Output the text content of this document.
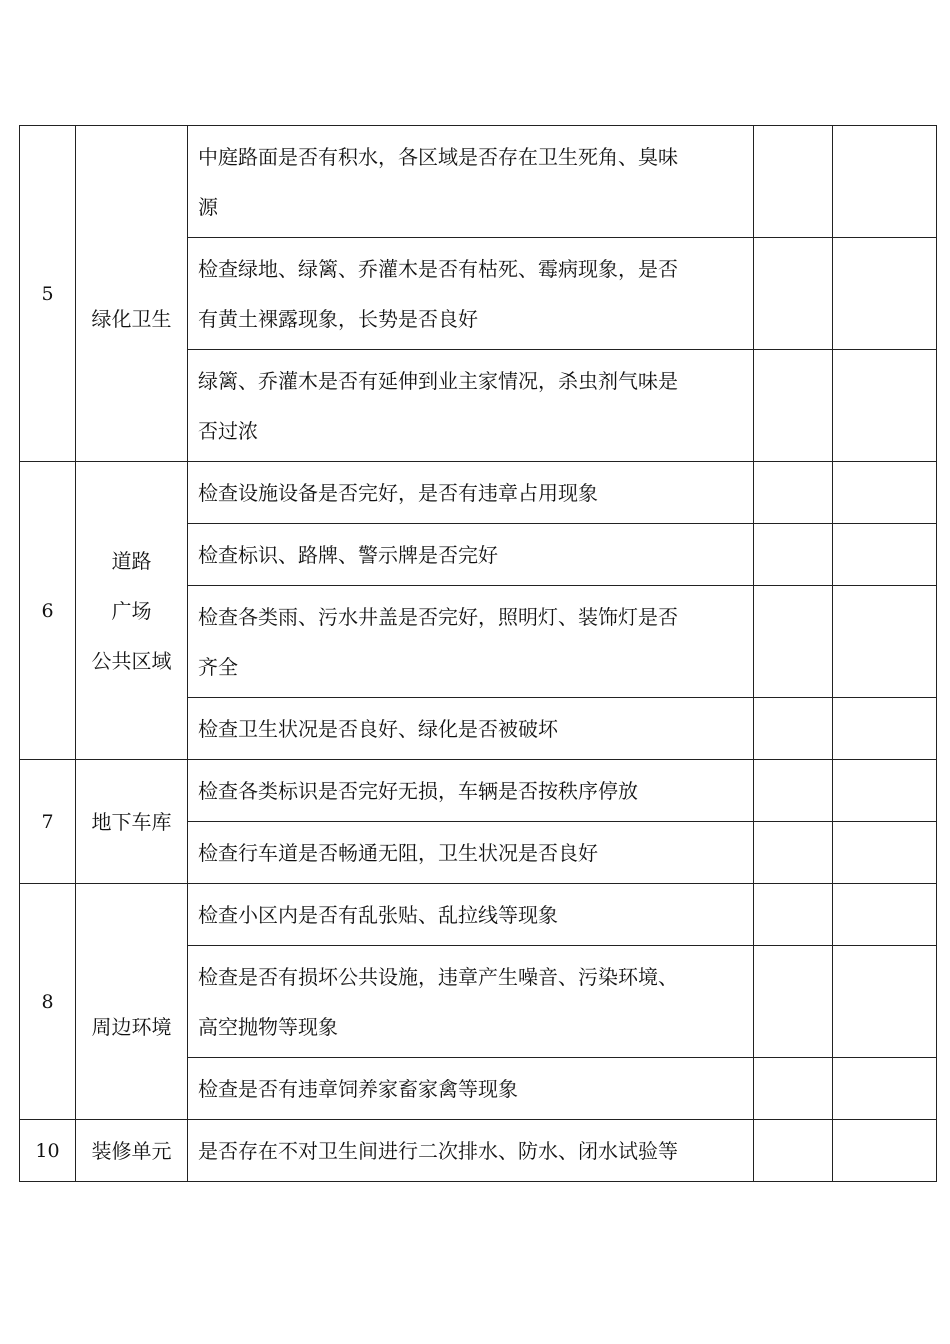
5	绿化卫生	中庭路面是否有积水，各区域是否存在卫生死角、臭味
源		

		检查绿地、绿篱、乔灌木是否有枯死、霉病现象，是否
有黄土裸露现象，长势是否良好		

		绿篱、乔灌木是否有延伸到业主家情况，杀虫剂气味是
否过浓		

6	道路
广场
公共区域	检查设施设备是否完好，是否有违章占用现象		

		检查标识、路牌、警示牌是否完好		

		检查各类雨、污水井盖是否完好，照明灯、装饰灯是否
齐全		

		检查卫生状况是否良好、绿化是否被破坏		

7	地下车库	检查各类标识是否完好无损，车辆是否按秩序停放		

		检查行车道是否畅通无阻，卫生状况是否良好		

8	周边环境	检查小区内是否有乱张贴、乱拉线等现象		

		检查是否有损坏公共设施，违章产生噪音、污染环境、
高空抛物等现象		

		检查是否有违章饲养家畜家禽等现象		

10	装修单元	是否存在不对卫生间进行二次排水、防水、闭水试验等		
